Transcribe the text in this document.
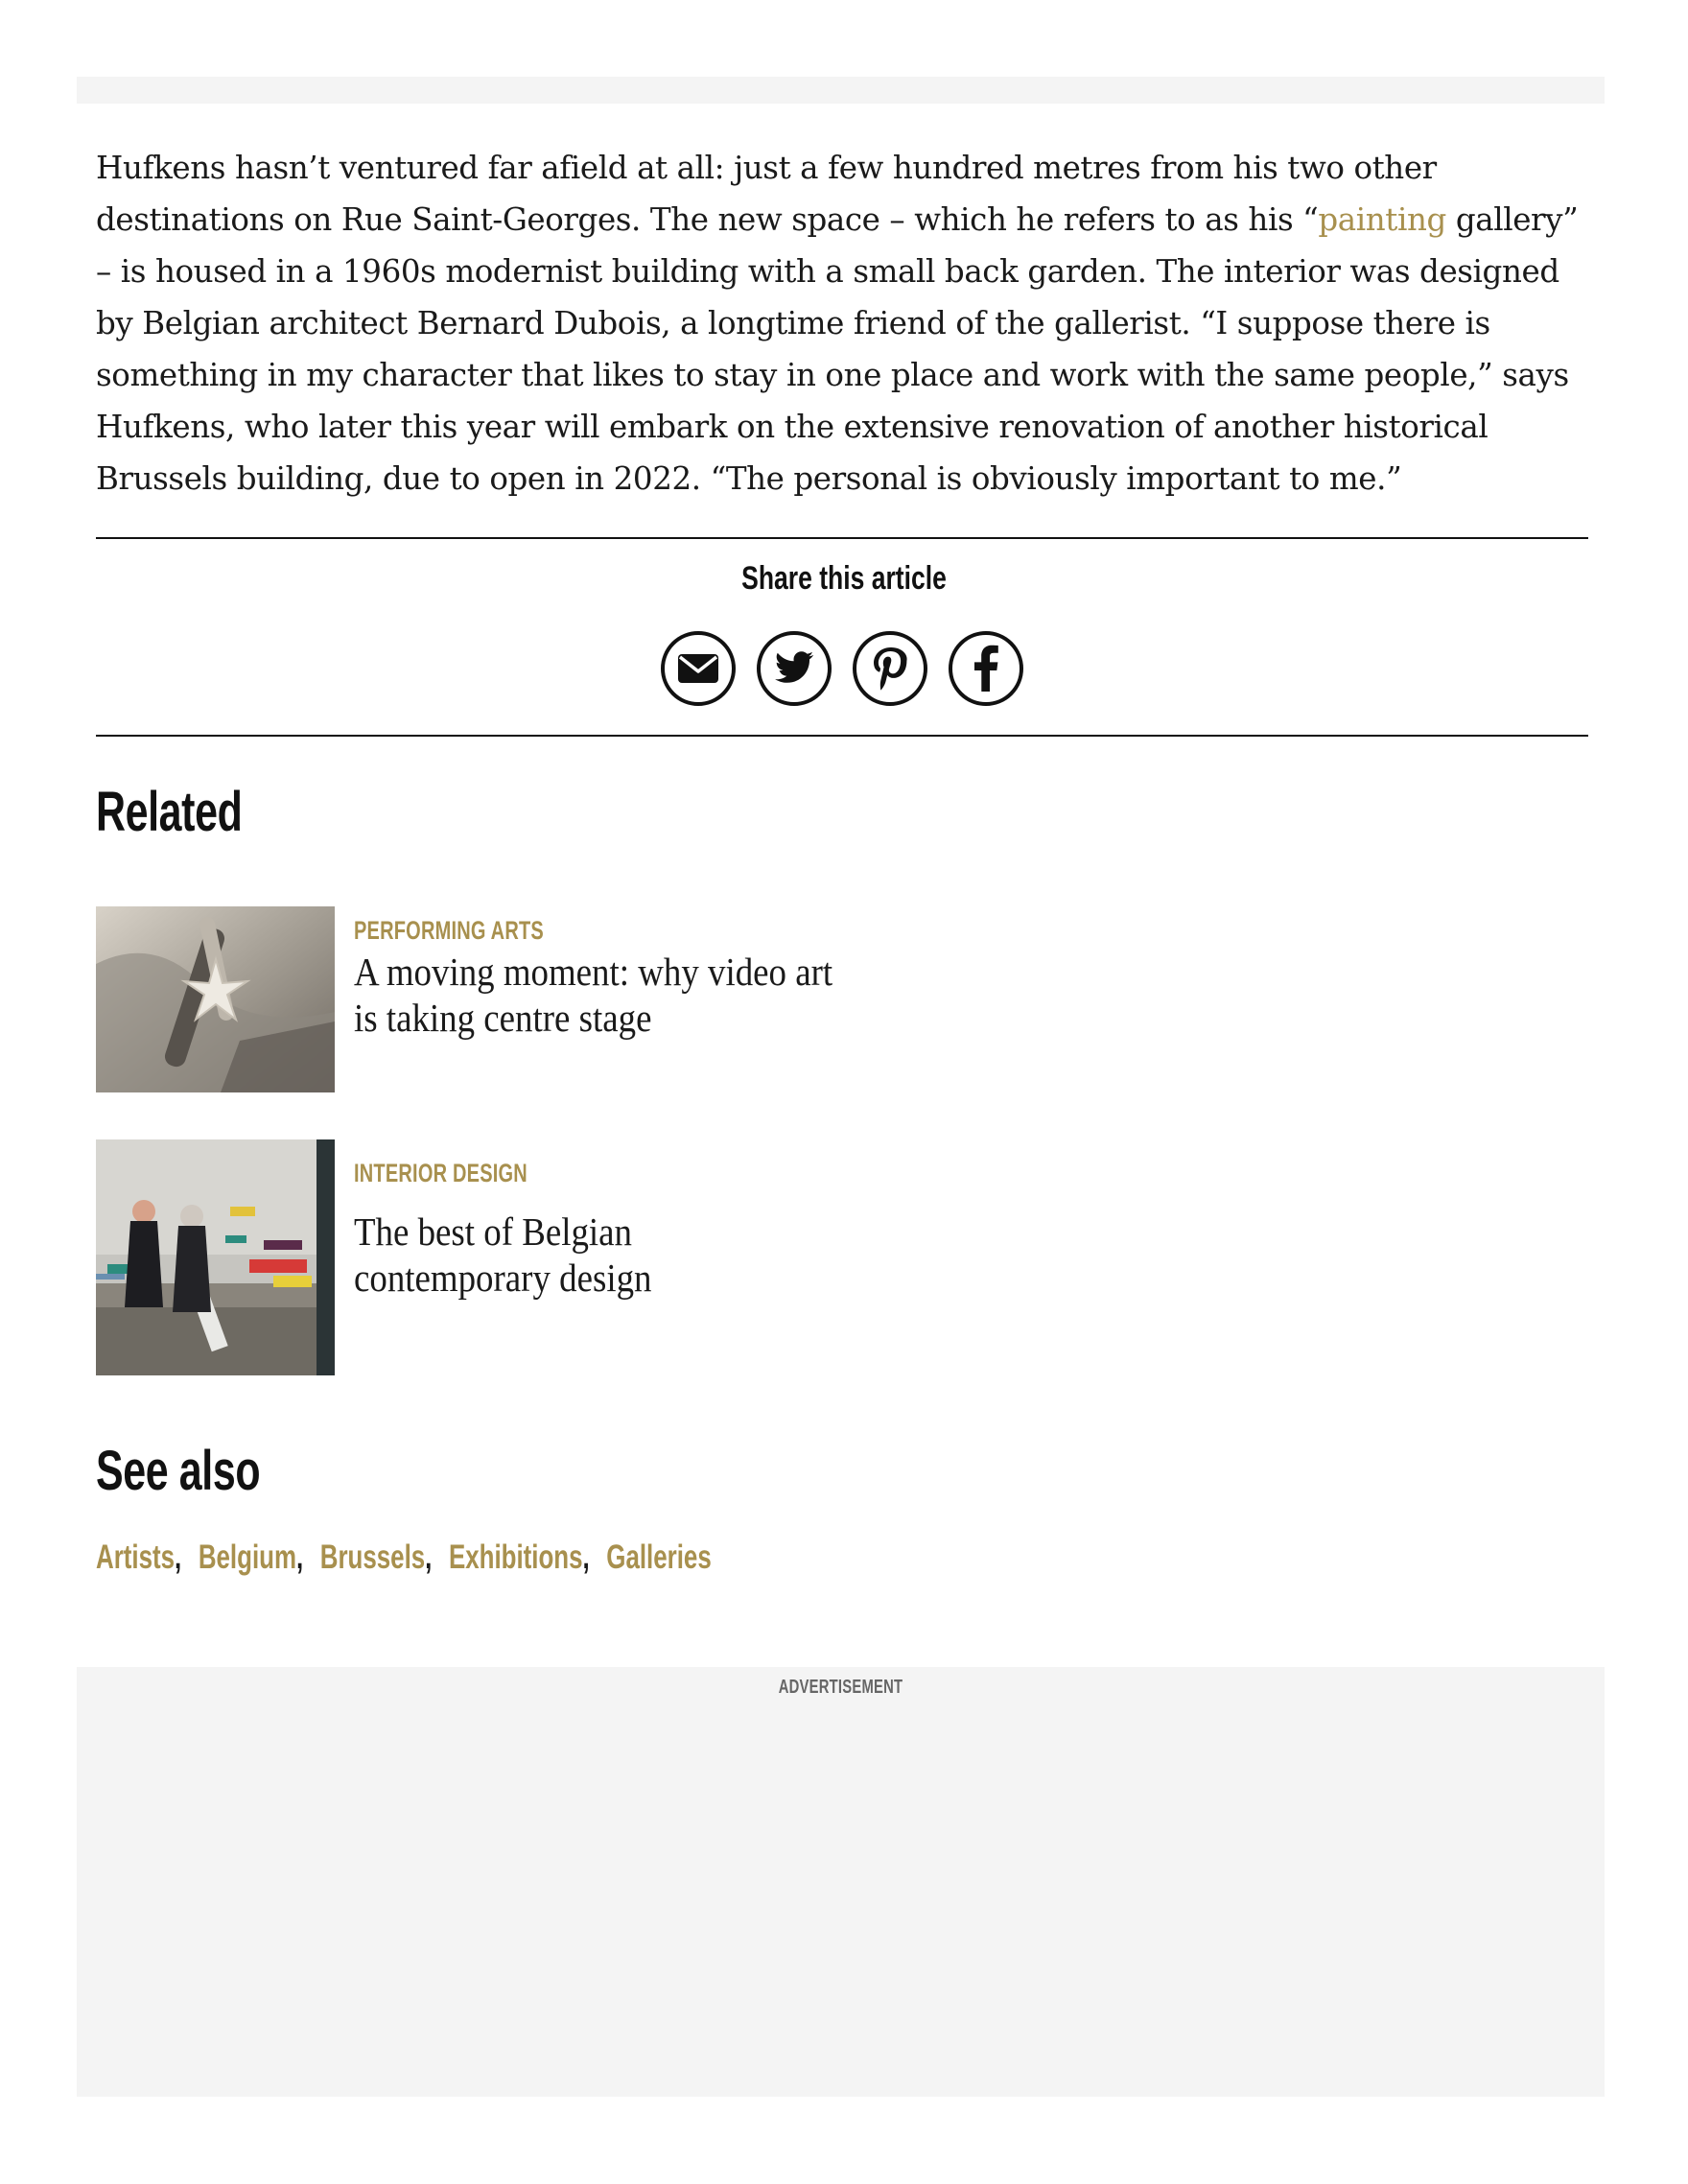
Hufkens hasn’t ventured far afield at all: just a few hundred metres from his two other destinations on Rue Saint-Georges. The new space – which he refers to as his “painting gallery” – is housed in a 1960s modernist building with a small back garden. The interior was designed by Belgian architect Bernard Dubois, a longtime friend of the gallerist. “I suppose there is something in my character that likes to stay in one place and work with the same people,” says Hufkens, who later this year will embark on the extensive renovation of another historical Brussels building, due to open in 2022. “The personal is obviously important to me.”

Share this article
Related
PERFORMING ARTS
A moving moment: why video art is taking centre stage
INTERIOR DESIGN
The best of Belgian contemporary design
See also
Artists, Belgium, Brussels, Exhibitions, Galleries
ADVERTISEMENT
